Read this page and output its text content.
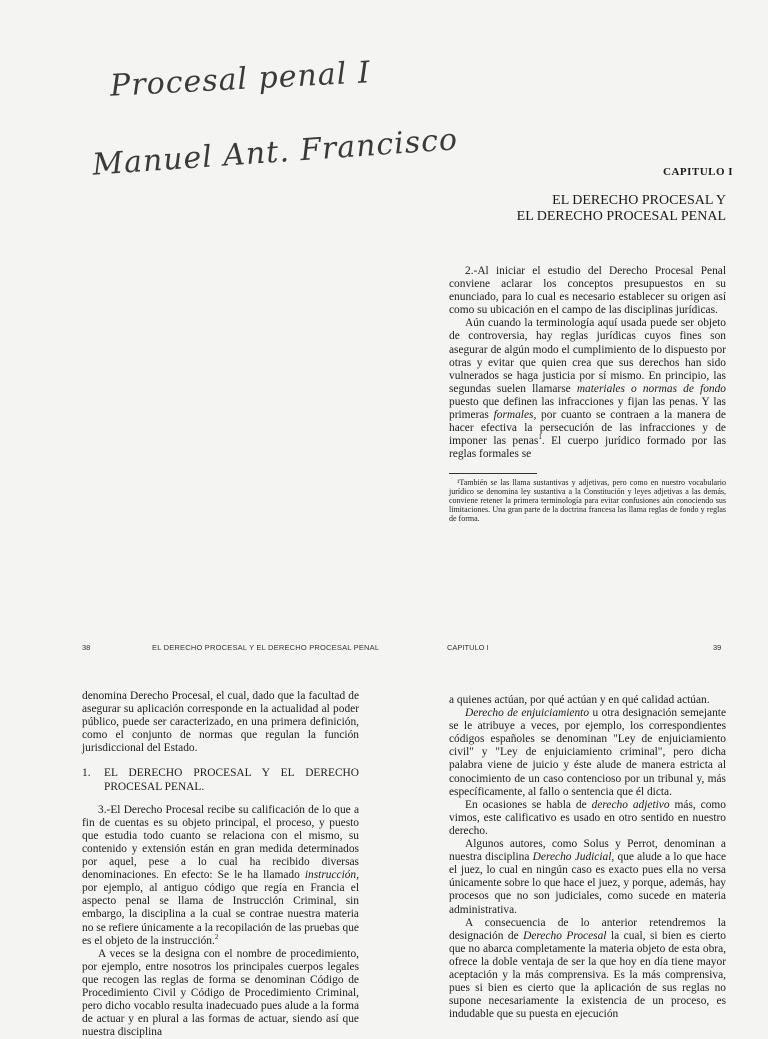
Procesal penal I
Manuel Ant. Francisco	CAPITULO I
EL DERECHO PROCESAL Y
EL DERECHO PROCESAL PENAL

2.-Al iniciar el estudio del Derecho Procesal Penal conviene aclarar los conceptos presupuestos en su enunciado, para lo cual es necesario establecer su origen así como su ubicación en el campo de las disciplinas jurídicas.

Aún cuando la terminología aquí usada puede ser objeto de controversia, hay reglas jurídicas cuyos fines son asegurar de algún modo el cumplimiento de lo dispuesto por otras y evitar que quien crea que sus derechos han sido vulnerados se haga justicia por sí mismo. En principio, las segundas suelen llamarse materiales o normas de fondo puesto que definen las infracciones y fijan las penas. Y las primeras formales, por cuanto se contraen a la manera de hacer efectiva la persecución de las infracciones y de imponer las penas$^1$. El cuerpo jurídico formado por las reglas formales se

¹También se las llama sustantivas y adjetivas, pero como en nuestro vocabulario jurídico se denomina ley sustantiva a la Constitución y leyes adjetivas a las demás, conviene retener la primera terminología para evitar confusiones aún conociendo sus limitaciones. Una gran parte de la doctrina francesa las llama reglas de fondo y reglas de forma.

38	EL DERECHO PROCESAL Y EL DERECHO PROCESAL PENAL	CAPITULO I	39

denomina Derecho Procesal, el cual, dado que la facultad de asegurar su aplicación corresponde en la actualidad al poder público, puede ser caracterizado, en una primera definición, como el conjunto de normas que regulan la función jurisdiccional del Estado.

1. EL DERECHO PROCESAL Y EL DERECHO PROCESAL PENAL.

3.-El Derecho Procesal recibe su calificación de lo que a fin de cuentas es su objeto principal, el proceso, y puesto que estudia todo cuanto se relaciona con el mismo, su contenido y extensión están en gran medida determinados por aquel, pese a lo cual ha recibido diversas denominaciones. En efecto: Se le ha llamado instrucción, por ejemplo, al antiguo código que regía en Francia el aspecto penal se llama de Instrucción Criminal, sin embargo, la disciplina a la cual se contrae nuestra materia no se refiere únicamente a la recopilación de las pruebas que es el objeto de la instrucción.$^2$

A veces se la designa con el nombre de procedimiento, por ejemplo, entre nosotros los principales cuerpos legales que recogen las reglas de forma se denominan Código de Procedimiento Civil y Código de Procedimiento Criminal, pero dicho vocablo resulta inadecuado pues alude a la forma de actuar y en plural a las formas de actuar, siendo así que nuestra disciplina

a quienes actúan, por qué actúan y en qué calidad actúan.

Derecho de enjuiciamiento u otra designación semejante se le atribuye a veces, por ejemplo, los correspondientes códigos españoles se denominan "Ley de enjuiciamiento civil" y "Ley de enjuiciamiento criminal", pero dicha palabra viene de juicio y éste alude de manera estricta al conocimiento de un caso contencioso por un tribunal y, más específicamente, al fallo o sentencia que él dicta.

En ocasiones se habla de derecho adjetivo más, como vimos, este calificativo es usado en otro sentido en nuestro derecho.

Algunos autores, como Solus y Perrot, denominan a nuestra disciplina Derecho Judicial, que alude a lo que hace el juez, lo cual en ningún caso es exacto pues ella no versa únicamente sobre lo que hace el juez, y porque, además, hay procesos que no son judiciales, como sucede en materia administrativa.

A consecuencia de lo anterior retendremos la designación de Derecho Procesal la cual, si bien es cierto que no abarca completamente la materia objeto de esta obra, ofrece la doble ventaja de ser la que hoy en día tiene mayor aceptación y la más comprensiva. Es la más comprensiva, pues si bien es cierto que la aplicación de sus reglas no supone necesariamente la existencia de un proceso, es indudable que su puesta en ejecución
